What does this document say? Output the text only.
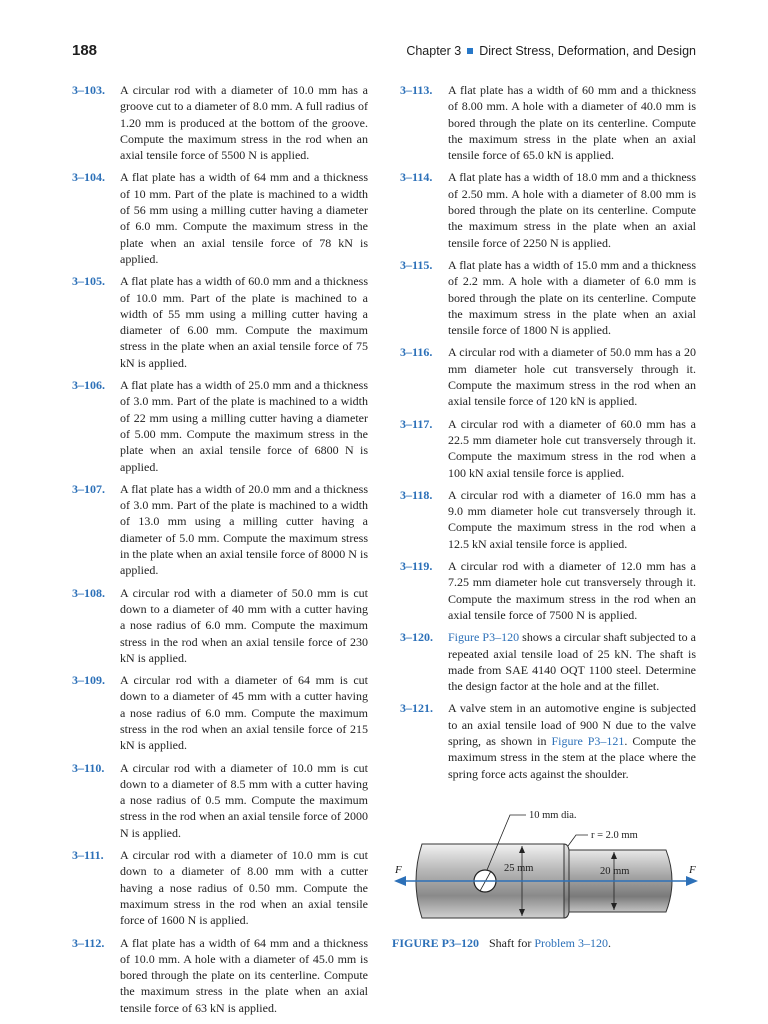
188	Chapter 3 Direct Stress, Deformation, and Design
3–103.	A circular rod with a diameter of 10.0 mm has a groove cut to a diameter of 8.0 mm. A full radius of 1.20 mm is produced at the bottom of the groove. Compute the maximum stress in the rod when an axial tensile force of 5500 N is applied.
3–104.	A flat plate has a width of 64 mm and a thickness of 10 mm. Part of the plate is machined to a width of 56 mm using a milling cutter having a diameter of 6.0 mm. Compute the maximum stress in the plate when an axial tensile force of 78 kN is applied.
3–105.	A flat plate has a width of 60.0 mm and a thickness of 10.0 mm. Part of the plate is machined to a width of 55 mm using a milling cutter having a diameter of 6.00 mm. Compute the maximum stress in the plate when an axial tensile force of 75 kN is applied.
3–106.	A flat plate has a width of 25.0 mm and a thickness of 3.0 mm. Part of the plate is machined to a width of 22 mm using a milling cutter having a diameter of 5.00 mm. Compute the maximum stress in the plate when an axial tensile force of 6800 N is applied.
3–107.	A flat plate has a width of 20.0 mm and a thickness of 3.0 mm. Part of the plate is machined to a width of 13.0 mm using a milling cutter having a diameter of 5.0 mm. Compute the maximum stress in the plate when an axial tensile force of 8000 N is applied.
3–108.	A circular rod with a diameter of 50.0 mm is cut down to a diameter of 40 mm with a cutter having a nose radius of 6.0 mm. Compute the maximum stress in the rod when an axial tensile force of 230 kN is applied.
3–109.	A circular rod with a diameter of 64 mm is cut down to a diameter of 45 mm with a cutter having a nose radius of 6.0 mm. Compute the maximum stress in the rod when an axial tensile force of 215 kN is applied.
3–110.	A circular rod with a diameter of 10.0 mm is cut down to a diameter of 8.5 mm with a cutter having a nose radius of 0.5 mm. Compute the maximum stress in the rod when an axial tensile force of 2000 N is applied.
3–111.	A circular rod with a diameter of 10.0 mm is cut down to a diameter of 8.00 mm with a cutter having a nose radius of 0.50 mm. Compute the maximum stress in the rod when an axial tensile force of 1600 N is applied.
3–112.	A flat plate has a width of 64 mm and a thickness of 10.0 mm. A hole with a diameter of 45.0 mm is bored through the plate on its centerline. Compute the maximum stress in the plate when an axial tensile force of 63 kN is applied.
3–113.	A flat plate has a width of 60 mm and a thickness of 8.00 mm. A hole with a diameter of 40.0 mm is bored through the plate on its centerline. Compute the maximum stress in the plate when an axial tensile force of 65.0 kN is applied.
3–114.	A flat plate has a width of 18.0 mm and a thickness of 2.50 mm. A hole with a diameter of 8.00 mm is bored through the plate on its centerline. Compute the maximum stress in the plate when an axial tensile force of 2250 N is applied.
3–115.	A flat plate has a width of 15.0 mm and a thickness of 2.2 mm. A hole with a diameter of 6.0 mm is bored through the plate on its centerline. Compute the maximum stress in the plate when an axial tensile force of 1800 N is applied.
3–116.	A circular rod with a diameter of 50.0 mm has a 20 mm diameter hole cut transversely through it. Compute the maximum stress in the rod when an axial tensile force of 120 kN is applied.
3–117.	A circular rod with a diameter of 60.0 mm has a 22.5 mm diameter hole cut transversely through it. Compute the maximum stress in the rod when a 100 kN axial tensile force is applied.
3–118.	A circular rod with a diameter of 16.0 mm has a 9.0 mm diameter hole cut transversely through it. Compute the maximum stress in the rod when a 12.5 kN axial tensile force is applied.
3–119.	A circular rod with a diameter of 12.0 mm has a 7.25 mm diameter hole cut transversely through it. Compute the maximum stress in the rod when an axial tensile force of 7500 N is applied.
3–120.	Figure P3–120 shows a circular shaft subjected to a repeated axial tensile load of 25 kN. The shaft is made from SAE 4140 OQT 1100 steel. Determine the design factor at the hole and at the fillet.
3–121.	A valve stem in an automotive engine is subjected to an axial tensile load of 900 N due to the valve spring, as shown in Figure P3–121. Compute the maximum stress in the stem at the place where the spring force acts against the shoulder.
10 mm dia.
r = 2.0 mm
25 mm	20 mm
F	F
FIGURE P3–120 Shaft for Problem 3–120.
